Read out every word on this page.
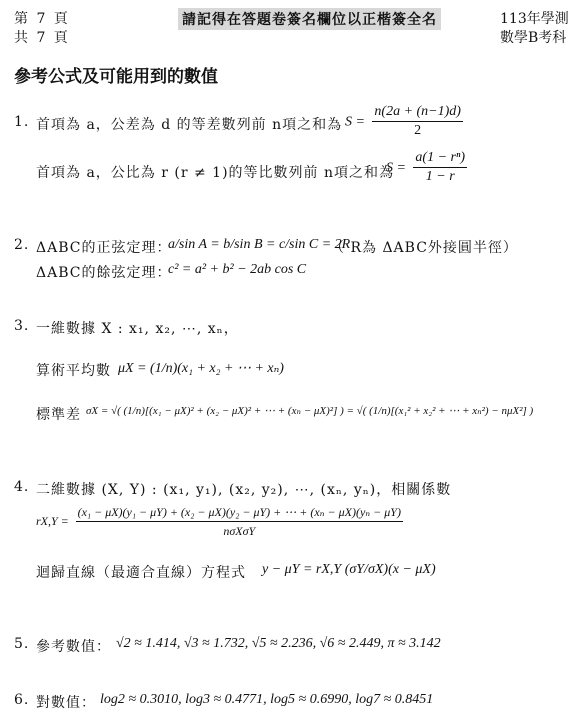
第 7 頁
共 7 頁
請記得在答題卷簽名欄位以正楷簽全名	113年學測
數學B考科
參考公式及可能用到的數值
1. 首項為 a，公差為 d 的等差數列前 n項之和為 $S = \frac{n(2a + (n-1)d)}{2}$
首項為 a，公比為 r (r ≠ 1)的等比數列前 n項之和為
$S = \frac{\text{a(1 − rⁿ)}}{1 - r}$
2. ΔABC的正弦定理：
a/sin A = b/sin B = c/sin C = 2R
（ R為 ΔABC外接圓半徑）
ΔABC的餘弦定理：
c² = a² + b² − 2ab cos C
3. 一維數據 X : x₁, x₂, ⋯, xₙ，
算術平均數 μX = (1/n)(x₁ + x₂ + ⋯ + xₙ)
標準差 σX = √( (1/n)[(x₁ − μX)² + (x₂ − μX)² + ⋯ + (xₙ − μX)²] ) = √( (1/n)[(x₁² + x₂² + ⋯ + xₙ²) − nμX²] )
4. 二維數據 (X, Y) : (x₁, y₁), (x₂, y₂), ⋯, (xₙ, yₙ)，相關係數
rX,Y =
(x₁ − μX)(y₁ − μY) + (x₂ − μX)(y₂ − μY) + ⋯ + (xₙ − μX)(yₙ − μY)
nσXσY
迴歸直線（最適合直線）方程式 y − μY = rX,Y (σY/σX)(x − μX)
5. 參考數值： √2 ≈ 1.414, √3 ≈ 1.732, √5 ≈ 2.236, √6 ≈ 2.449, π ≈ 3.142
6. 對數值： log2 ≈ 0.3010, log3 ≈ 0.4771, log5 ≈ 0.6990, log7 ≈ 0.8451
